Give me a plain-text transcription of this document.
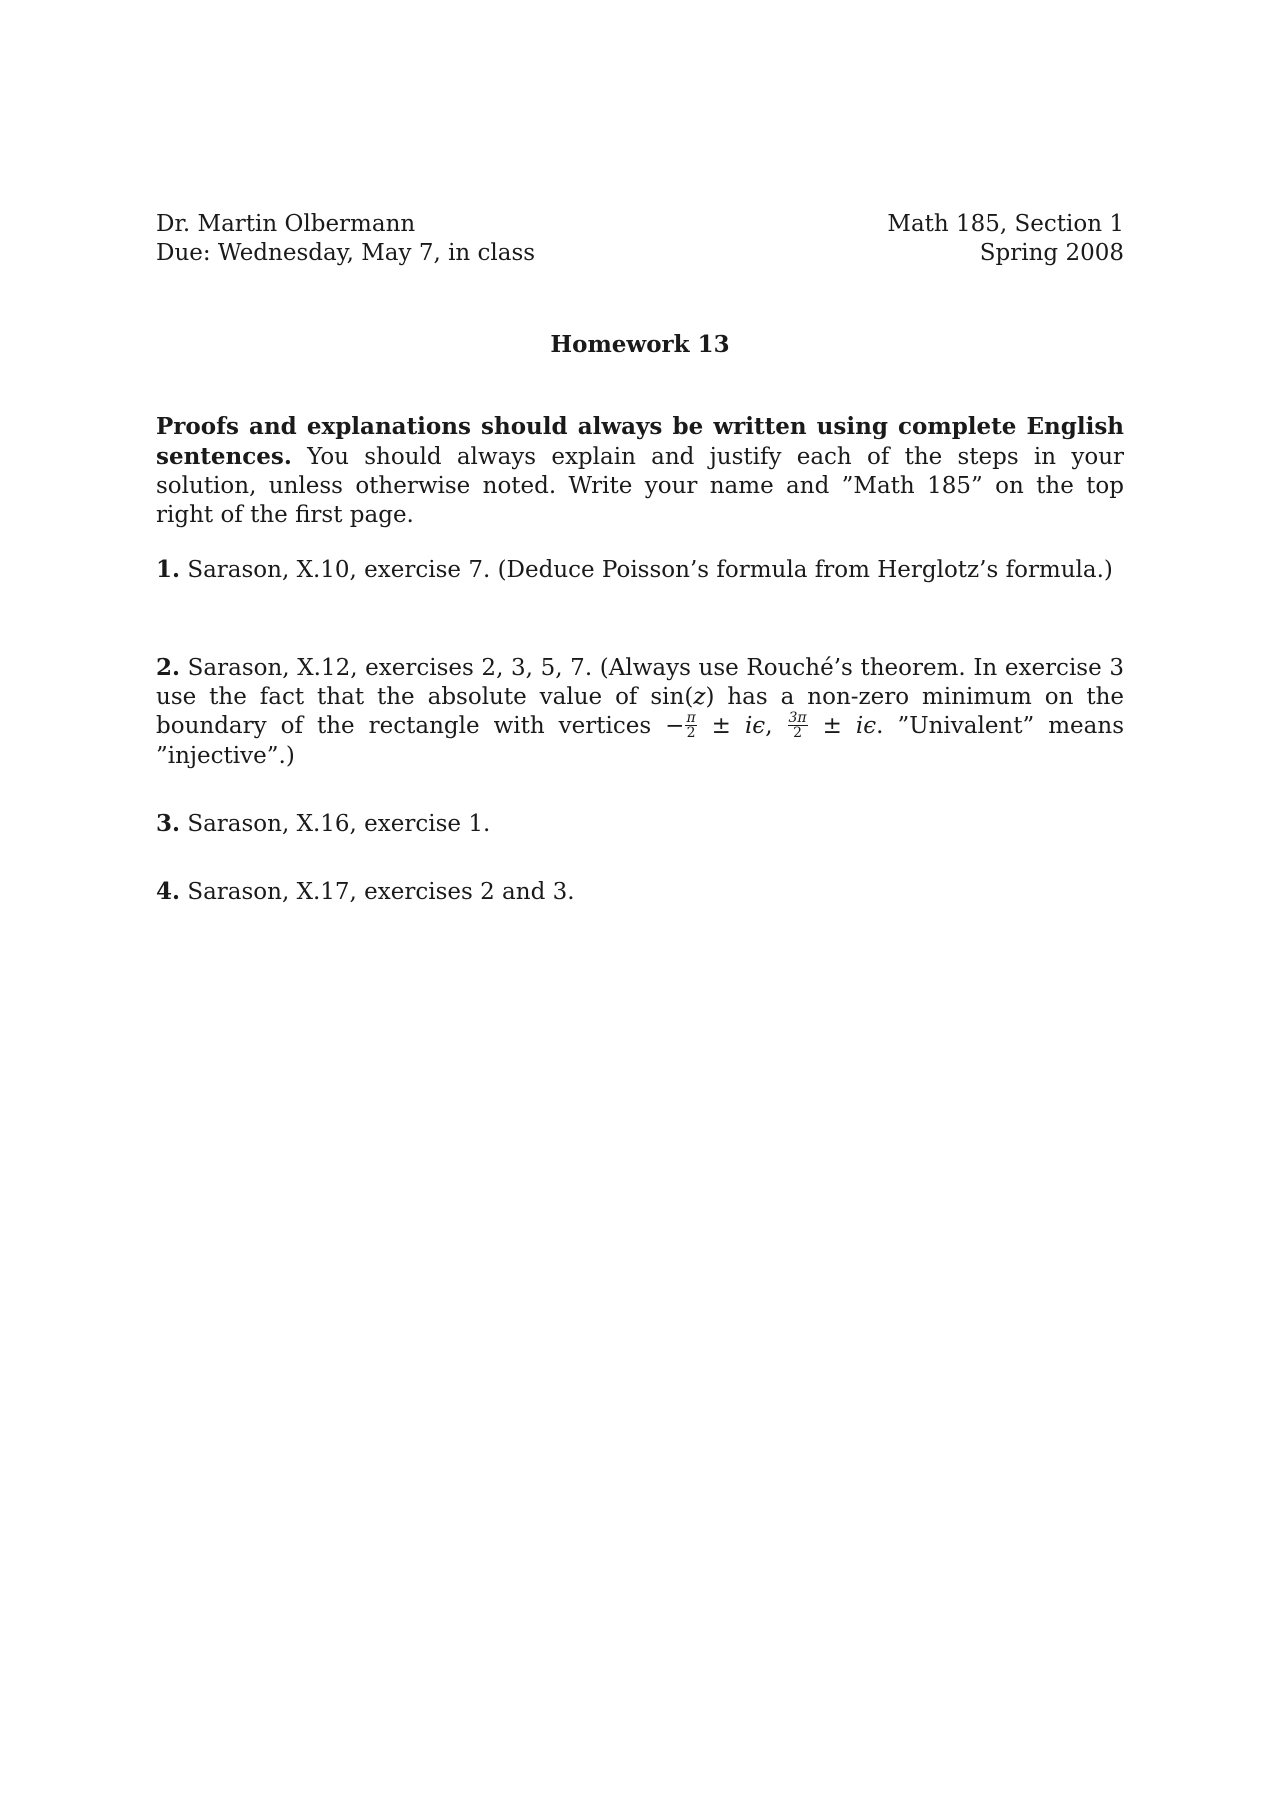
Dr. Martin Olbermann
Due: Wednesday, May 7, in class
Math 185, Section 1
Spring 2008
Homework 13
Proofs and explanations should always be written using complete English sentences. You should always explain and justify each of the steps in your solution, unless otherwise noted. Write your name and ”Math 185” on the top right of the first page.
1. Sarason, X.10, exercise 7. (Deduce Poisson’s formula from Herglotz’s formula.)
2. Sarason, X.12, exercises 2, 3, 5, 7. (Always use Rouché’s theorem. In exercise 3 use the fact that the absolute value of sin(z) has a non-zero minimum on the boundary of the rectangle with vertices − $\frac{\pi}{2} \pm i\epsilon$, $\frac{3\pi}{2} \pm i\epsilon$. ”Univalent” means ”injective”.)
3. Sarason, X.16, exercise 1.
4. Sarason, X.17, exercises 2 and 3.
